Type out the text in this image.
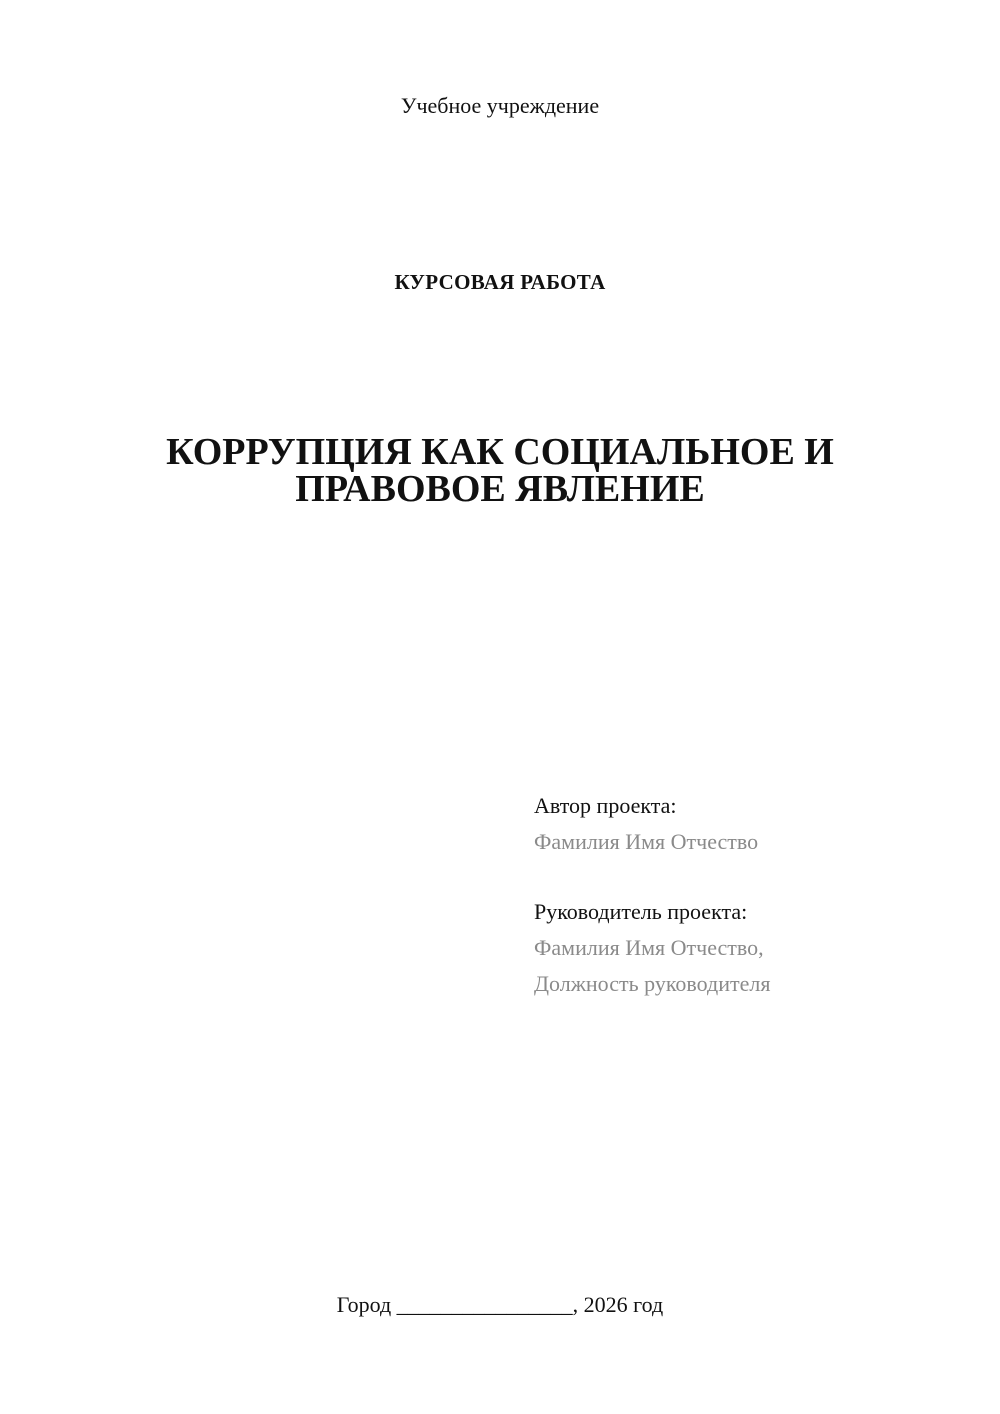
Учебное учреждение
КУРСОВАЯ РАБОТА
КОРРУПЦИЯ КАК СОЦИАЛЬНОЕ И
ПРАВОВОЕ ЯВЛЕНИЕ
Автор проекта:
Фамилия Имя Отчество
Руководитель проекта:
Фамилия Имя Отчество,
Должность руководителя
Город ________________, 2026 год
